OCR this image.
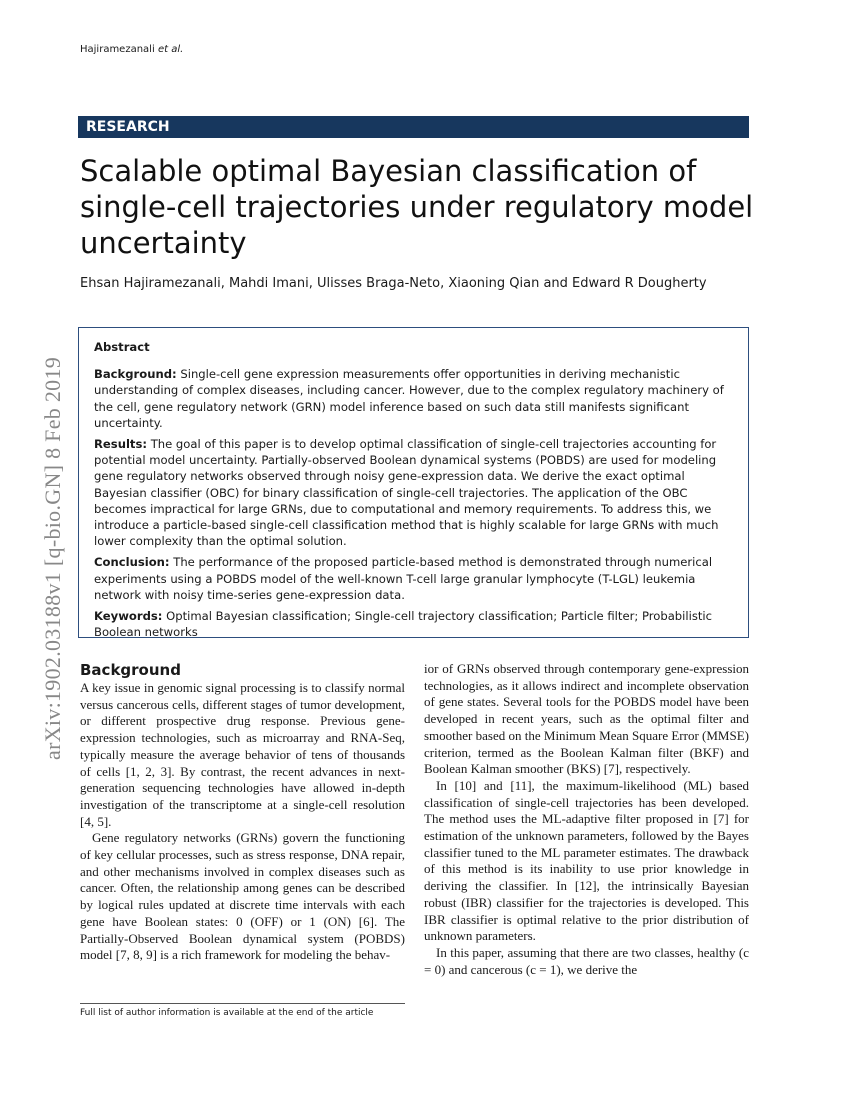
Hajiramezanali et al.
RESEARCH
Scalable optimal Bayesian classification of single-cell trajectories under regulatory model uncertainty
Ehsan Hajiramezanali, Mahdi Imani, Ulisses Braga-Neto, Xiaoning Qian and Edward R Dougherty
arXiv:1902.03188v1 [q-bio.GN] 8 Feb 2019
Abstract

Background: Single-cell gene expression measurements offer opportunities in deriving mechanistic understanding of complex diseases, including cancer. However, due to the complex regulatory machinery of the cell, gene regulatory network (GRN) model inference based on such data still manifests significant uncertainty.

Results: The goal of this paper is to develop optimal classification of single-cell trajectories accounting for potential model uncertainty. Partially-observed Boolean dynamical systems (POBDS) are used for modeling gene regulatory networks observed through noisy gene-expression data. We derive the exact optimal Bayesian classifier (OBC) for binary classification of single-cell trajectories. The application of the OBC becomes impractical for large GRNs, due to computational and memory requirements. To address this, we introduce a particle-based single-cell classification method that is highly scalable for large GRNs with much lower complexity than the optimal solution.

Conclusion: The performance of the proposed particle-based method is demonstrated through numerical experiments using a POBDS model of the well-known T-cell large granular lymphocyte (T-LGL) leukemia network with noisy time-series gene-expression data.

Keywords: Optimal Bayesian classification; Single-cell trajectory classification; Particle filter; Probabilistic Boolean networks

Background

A key issue in genomic signal processing is to classify normal versus cancerous cells, different stages of tumor development, or different prospective drug response. Previous gene-expression technologies, such as microarray and RNA-Seq, typically measure the average behavior of tens of thousands of cells [1, 2, 3]. By contrast, the recent advances in next-generation sequencing technologies have allowed in-depth investigation of the transcriptome at a single-cell resolution [4, 5].

Gene regulatory networks (GRNs) govern the functioning of key cellular processes, such as stress response, DNA repair, and other mechanisms involved in complex diseases such as cancer. Often, the relationship among genes can be described by logical rules updated at discrete time intervals with each gene have Boolean states: 0 (OFF) or 1 (ON) [6]. The Partially-Observed Boolean dynamical system (POBDS) model [7, 8, 9] is a rich framework for modeling the behav-

ior of GRNs observed through contemporary gene-expression technologies, as it allows indirect and incomplete observation of gene states. Several tools for the POBDS model have been developed in recent years, such as the optimal filter and smoother based on the Minimum Mean Square Error (MMSE) criterion, termed as the Boolean Kalman filter (BKF) and Boolean Kalman smoother (BKS) [7], respectively.

In [10] and [11], the maximum-likelihood (ML) based classification of single-cell trajectories has been developed. The method uses the ML-adaptive filter proposed in [7] for estimation of the unknown parameters, followed by the Bayes classifier tuned to the ML parameter estimates. The drawback of this method is its inability to use prior knowledge in deriving the classifier. In [12], the intrinsically Bayesian robust (IBR) classifier for the trajectories is developed. This IBR classifier is optimal relative to the prior distribution of unknown parameters.

In this paper, assuming that there are two classes, healthy (c = 0) and cancerous (c = 1), we derive the

Full list of author information is available at the end of the article
